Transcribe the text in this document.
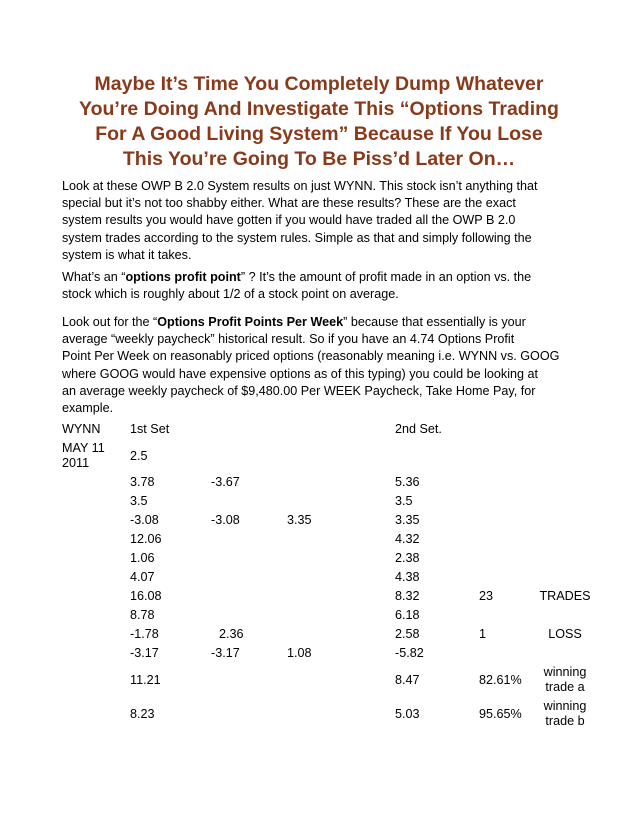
Maybe It’s Time You Completely Dump Whatever
You’re Doing And Investigate This “Options Trading
For A Good Living System” Because If You Lose
This You’re Going To Be Piss’d Later On…

Look at these OWP B 2.0 System results on just WYNN. This stock isn’t anything that
special but it’s not too shabby either. What are these results? These are the exact
system results you would have gotten if you would have traded all the OWP B 2.0
system trades according to the system rules. Simple as that and simply following the
system is what it takes.

What’s an “options profit point” ? It’s the amount of profit made in an option vs. the
stock which is roughly about 1/2 of a stock point on average.

Look out for the “Options Profit Points Per Week” because that essentially is your
average “weekly paycheck” historical result. So if you have an 4.74 Options Profit
Point Per Week on reasonably priced options (reasonably meaning i.e. WYNN vs. GOOG
where GOOG would have expensive options as of this typing) you could be looking at
an average weekly paycheck of $9,480.00 Per WEEK Paycheck, Take Home Pay, for
example.

WYNN	1st Set			2nd Set.		
MAY 11 2011	2.5					
	3.78	-3.67		5.36		
	3.5			3.5		
	-3.08	-3.08	3.35	3.35		
	12.06			4.32		
	1.06			2.38		
	4.07			4.38		
	16.08			8.32	23	TRADES
	8.78			6.18		
	-1.78	2.36		2.58	1	LOSS
	-3.17	-3.17	1.08	-5.82		
	11.21			8.47	82.61%	winning trade a
	8.23			5.03	95.65%	winning trade b
